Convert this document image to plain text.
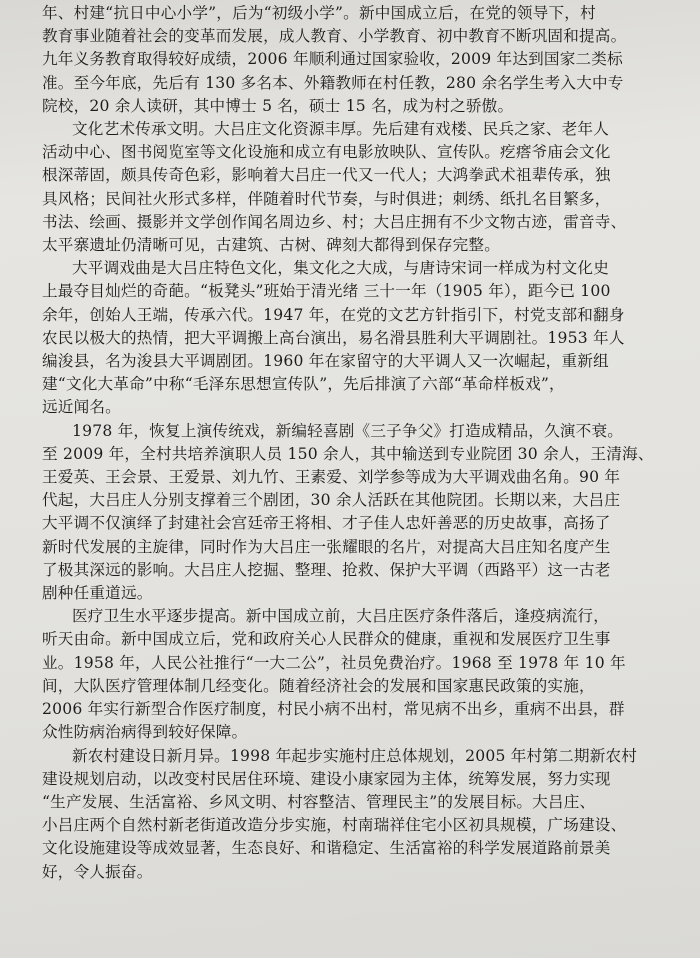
年、村建“抗日中心小学”，后为“初级小学”。新中国成立后，在党的领导下，村
教育事业随着社会的变革而发展，成人教育、小学教育、初中教育不断巩固和提高。
九年义务教育取得较好成绩，2006 年顺利通过国家验收，2009 年达到国家二类标
准。至今年底，先后有 130 多名本、外籍教师在村任教，280 余名学生考入大中专
院校，20 余人读研，其中博士 5 名，硕士 15 名，成为村之骄傲。

文化艺术传承文明。大吕庄文化资源丰厚。先后建有戏楼、民兵之家、老年人
活动中心、图书阅览室等文化设施和成立有电影放映队、宣传队。疙瘩爷庙会文化
根深蒂固，颇具传奇色彩，影响着大吕庄一代又一代人；大鸿拳武术祖辈传承，独
具风格；民间社火形式多样，伴随着时代节奏，与时俱进；刺绣、纸扎名目繁多，
书法、绘画、摄影并文学创作闻名周边乡、村；大吕庄拥有不少文物古迹，雷音寺、
太平寨遗址仍清晰可见，古建筑、古树、碑刻大都得到保存完整。

大平调戏曲是大吕庄特色文化，集文化之大成，与唐诗宋词一样成为村文化史
上最夺目灿烂的奇葩。“板凳头”班始于清光绪 三十一年（1905 年），距今已 100
余年，创始人王端，传承六代。1947 年，在党的文艺方针指引下，村党支部和翻身
农民以极大的热情，把大平调搬上高台演出，易名滑县胜利大平调剧社。1953 年人
编浚县，名为浚县大平调剧团。1960 年在家留守的大平调人又一次崛起，重新组
建“文化大革命”中称“毛泽东思想宣传队”，先后排演了六部“革命样板戏”，
远近闻名。

1978 年，恢复上演传统戏，新编轻喜剧《三子争父》打造成精品，久演不衰。
至 2009 年，全村共培养演职人员 150 余人，其中输送到专业院团 30 余人，王清海、
王爱英、王会景、王爱景、刘九竹、王素爱、刘学参等成为大平调戏曲名角。90 年
代起，大吕庄人分别支撑着三个剧团，30 余人活跃在其他院团。长期以来，大吕庄
大平调不仅演绎了封建社会宫廷帝王将相、才子佳人忠奸善恶的历史故事，高扬了
新时代发展的主旋律，同时作为大吕庄一张耀眼的名片，对提高大吕庄知名度产生
了极其深远的影响。大吕庄人挖掘、整理、抢救、保护大平调（西路平）这一古老
剧种任重道远。

医疗卫生水平逐步提高。新中国成立前，大吕庄医疗条件落后，逢疫病流行，
听天由命。新中国成立后，党和政府关心人民群众的健康，重视和发展医疗卫生事
业。1958 年，人民公社推行“一大二公”，社员免费治疗。1968 至 1978 年 10 年
间，大队医疗管理体制几经变化。随着经济社会的发展和国家惠民政策的实施，
2006 年实行新型合作医疗制度，村民小病不出村，常见病不出乡，重病不出县，群
众性防病治病得到较好保障。

新农村建设日新月异。1998 年起步实施村庄总体规划，2005 年村第二期新农村
建设规划启动，以改变村民居住环境、建设小康家园为主体，统筹发展，努力实现
“生产发展、生活富裕、乡风文明、村容整洁、管理民主”的发展目标。大吕庄、
小吕庄两个自然村新老街道改造分步实施，村南瑞祥住宅小区初具规模，广场建设、
文化设施建设等成效显著，生态良好、和谐稳定、生活富裕的科学发展道路前景美
好，令人振奋。
